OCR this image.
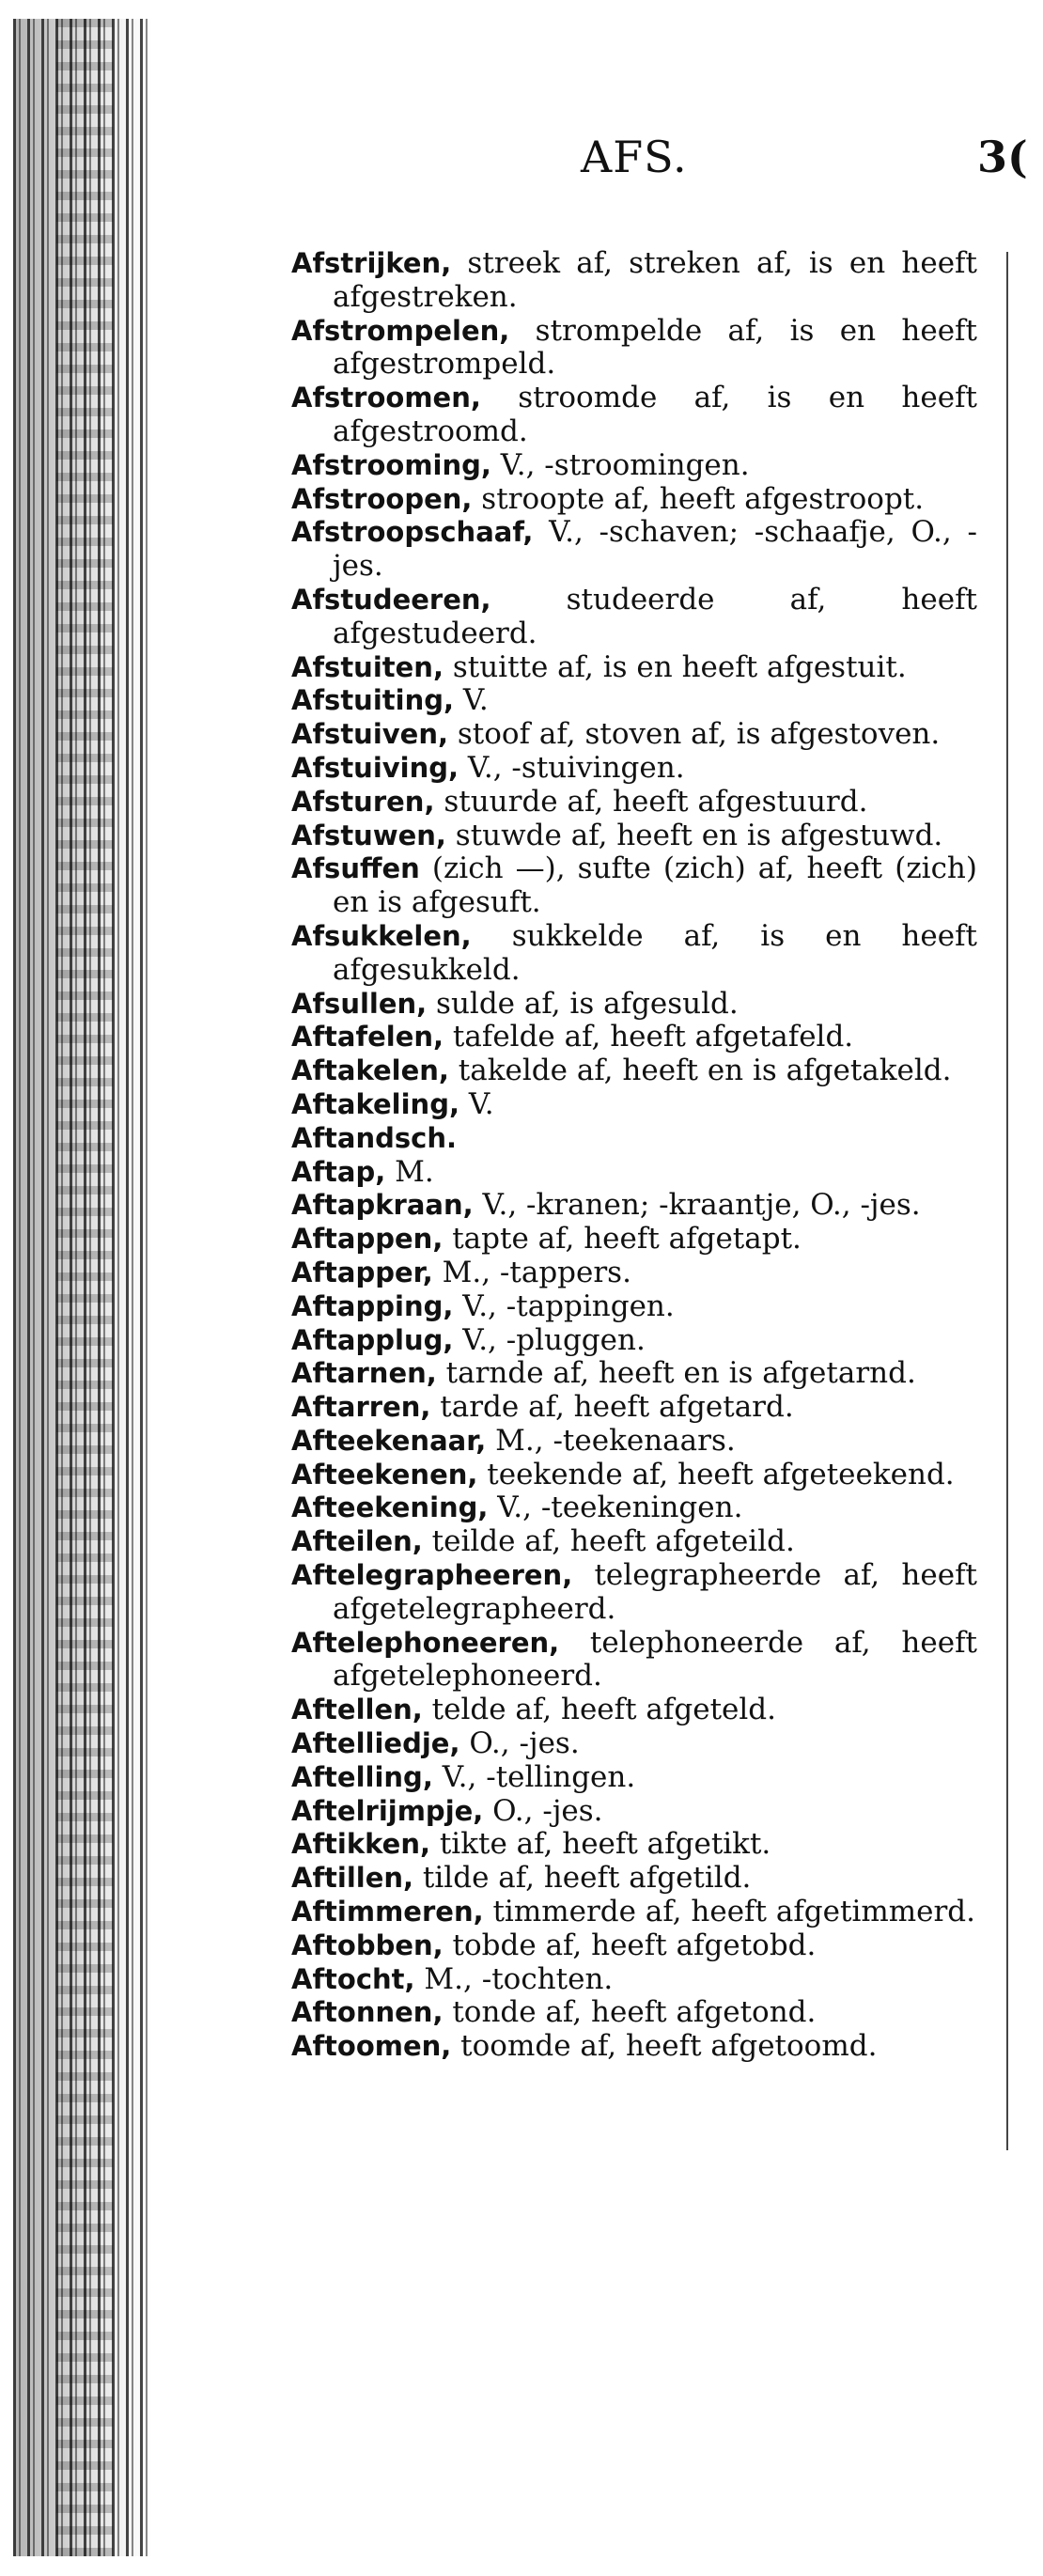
AFS.	3(
Afstrijken, streek af, streken af, is en heeft afgestreken.
Afstrompelen, strompelde af, is en heeft afgestrompeld.
Afstroomen, stroomde af, is en heeft afgestroomd.
Afstrooming, V., -stroomingen.
Afstroopen, stroopte af, heeft afgestroopt.
Afstroopschaaf, V., -schaven; -schaafje, O., -jes.
Afstudeeren, studeerde af, heeft afgestudeerd.
Afstuiten, stuitte af, is en heeft afgestuit.
Afstuiting, V.
Afstuiven, stoof af, stoven af, is afgestoven.
Afstuiving, V., -stuivingen.
Afsturen, stuurde af, heeft afgestuurd.
Afstuwen, stuwde af, heeft en is afgestuwd.
Afsuffen (zich —), sufte (zich) af, heeft (zich) en is afgesuft.
Afsukkelen, sukkelde af, is en heeft afgesukkeld.
Afsullen, sulde af, is afgesuld.
Aftafelen, tafelde af, heeft afgetafeld.
Aftakelen, takelde af, heeft en is afgetakeld.
Aftakeling, V.
Aftandsch.
Aftap, M.
Aftapkraan, V., -kranen; -kraantje, O., -jes.
Aftappen, tapte af, heeft afgetapt.
Aftapper, M., -tappers.
Aftapping, V., -tappingen.
Aftapplug, V., -pluggen.
Aftarnen, tarnde af, heeft en is afgetarnd.
Aftarren, tarde af, heeft afgetard.
Afteekenaar, M., -teekenaars.
Afteekenen, teekende af, heeft afgeteekend.
Afteekening, V., -teekeningen.
Afteilen, teilde af, heeft afgeteild.
Aftelegrapheeren, telegrapheerde af, heeft afgetelegrapheerd.
Aftelephoneeren, telephoneerde af, heeft afgetelephoneerd.
Aftellen, telde af, heeft afgeteld.
Aftelliedje, O., -jes.
Aftelling, V., -tellingen.
Aftelrijmpje, O., -jes.
Aftikken, tikte af, heeft afgetikt.
Aftillen, tilde af, heeft afgetild.
Aftimmeren, timmerde af, heeft afgetimmerd.
Aftobben, tobde af, heeft afgetobd.
Aftocht, M., -tochten.
Aftonnen, tonde af, heeft afgetond.
Aftoomen, toomde af, heeft afgetoomd.
